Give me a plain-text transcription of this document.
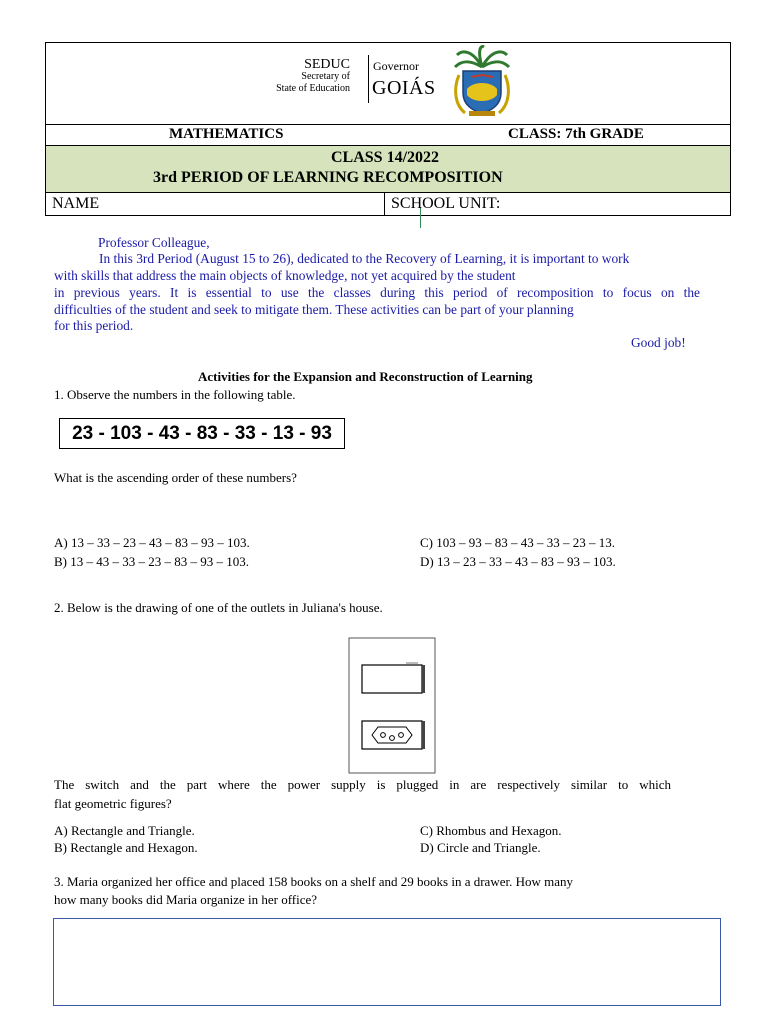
SEDUC
Secretary of
State of Education
Governor
GOIÁS
MATHEMATICS	CLASS: 7th GRADE
CLASS 14/2022
3rd PERIOD OF LEARNING RECOMPOSITION
NAME	SCHOOL UNIT:
Professor Colleague,
In this 3rd Period (August 15 to 26), dedicated to the Recovery of Learning, it is important to work
with skills that address the main objects of knowledge, not yet acquired by the student
in previous years. It is essential to use the classes during this period of recomposition to focus on the
difficulties of the student and seek to mitigate them. These activities can be part of your planning
for this period.
Good job!
Activities for the Expansion and Reconstruction of Learning
1. Observe the numbers in the following table.
23 - 103 - 43 - 83 - 33 - 13 - 93
What is the ascending order of these numbers?
A) 13 – 33 – 23 – 43 – 83 – 93 – 103.
B) 13 – 43 – 33 – 23 – 83 – 93 – 103.
C) 103 – 93 – 83 – 43 – 33 – 23 – 13.
D) 13 – 23 – 33 – 43 – 83 – 93 – 103.
2. Below is the drawing of one of the outlets in Juliana's house.
The switch and the part where the power supply is plugged in are respectively similar to which
flat geometric figures?
A) Rectangle and Triangle.
B) Rectangle and Hexagon.
C) Rhombus and Hexagon.
D) Circle and Triangle.
3. Maria organized her office and placed 158 books on a shelf and 29 books in a drawer. How many
how many books did Maria organize in her office?
